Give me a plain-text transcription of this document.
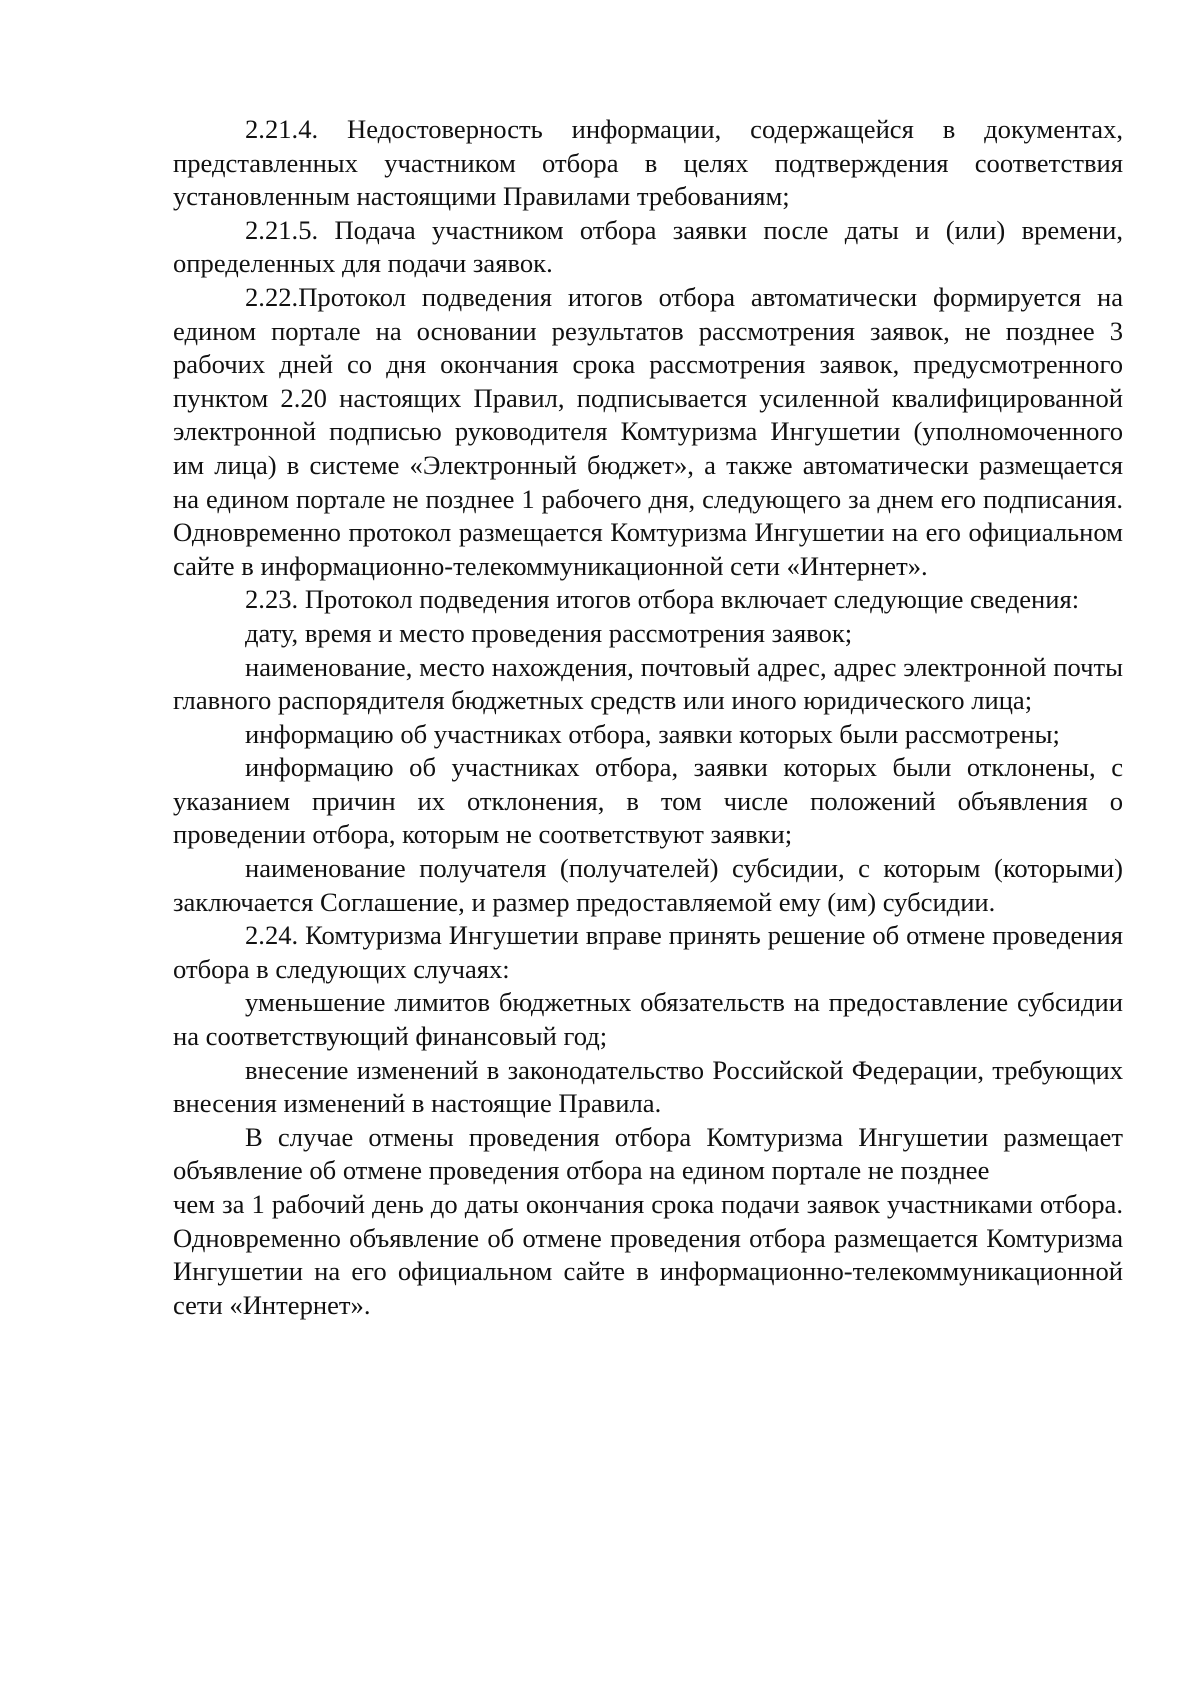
2.21.4. Недостоверность информации, содержащейся в документах, представленных участником отбора в целях подтверждения соответствия установленным настоящими Правилами требованиям;

2.21.5. Подача участником отбора заявки после даты и (или) времени, определенных для подачи заявок.

2.22.Протокол подведения итогов отбора автоматически формируется на едином портале на основании результатов рассмотрения заявок, не позднее 3 рабочих дней со дня окончания срока рассмотрения заявок, предусмотренного пунктом 2.20 настоящих Правил, подписывается усиленной квалифицированной электронной подписью руководителя Комтуризма Ингушетии (уполномоченного им лица) в системе «Электронный бюджет», а также автоматически размещается на едином портале не позднее 1 рабочего дня, следующего за днем его подписания. Одновременно протокол размещается Комтуризма Ингушетии на его официальном сайте в информационно-телекоммуникационной сети «Интернет».

2.23. Протокол подведения итогов отбора включает следующие сведения:

дату, время и место проведения рассмотрения заявок;

наименование, место нахождения, почтовый адрес, адрес электронной почты главного распорядителя бюджетных средств или иного юридического лица;

информацию об участниках отбора, заявки которых были рассмотрены;

информацию об участниках отбора, заявки которых были отклонены, с указанием причин их отклонения, в том числе положений объявления о проведении отбора, которым не соответствуют заявки;

наименование получателя (получателей) субсидии, с которым (которыми) заключается Соглашение, и размер предоставляемой ему (им) субсидии.

2.24. Комтуризма Ингушетии вправе принять решение об отмене проведения отбора в следующих случаях:

уменьшение лимитов бюджетных обязательств на предоставление субсидии на соответствующий финансовый год;

внесение изменений в законодательство Российской Федерации, требующих внесения изменений в настоящие Правила.

В случае отмены проведения отбора Комтуризма Ингушетии размещает объявление об отмене проведения отбора на едином портале не позднее

чем за 1 рабочий день до даты окончания срока подачи заявок участниками отбора. Одновременно объявление об отмене проведения отбора размещается Комтуризма Ингушетии на его официальном сайте в информационно-телекоммуникационной сети «Интернет».
